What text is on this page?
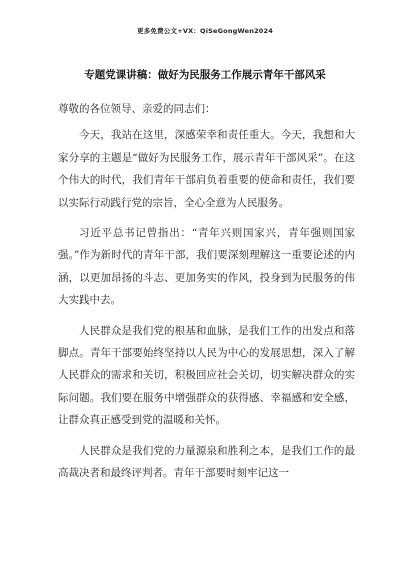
更多免费公文+VX：QiSeGongWen2024
专题党课讲稿：做好为民服务工作展示青年干部风采

尊敬的各位领导、亲爱的同志们：

今天，我站在这里，深感荣幸和责任重大。今天，我想和大家分享的主题是“做好为民服务工作，展示青年干部风采”。在这个伟大的时代，我们青年干部肩负着重要的使命和责任，我们要以实际行动践行党的宗旨，全心全意为人民服务。

习近平总书记曾指出：“青年兴则国家兴，青年强则国家强。”作为新时代的青年干部，我们要深刻理解这一重要论述的内涵，以更加昂扬的斗志、更加务实的作风，投身到为民服务的伟大实践中去。

人民群众是我们党的根基和血脉，是我们工作的出发点和落脚点。青年干部要始终坚持以人民为中心的发展思想，深入了解人民群众的需求和关切，积极回应社会关切，切实解决群众的实际问题。我们要在服务中增强群众的获得感、幸福感和安全感，让群众真正感受到党的温暖和关怀。

人民群众是我们党的力量源泉和胜利之本，是我们工作的最高裁决者和最终评判者。青年干部要时刻牢记这一
